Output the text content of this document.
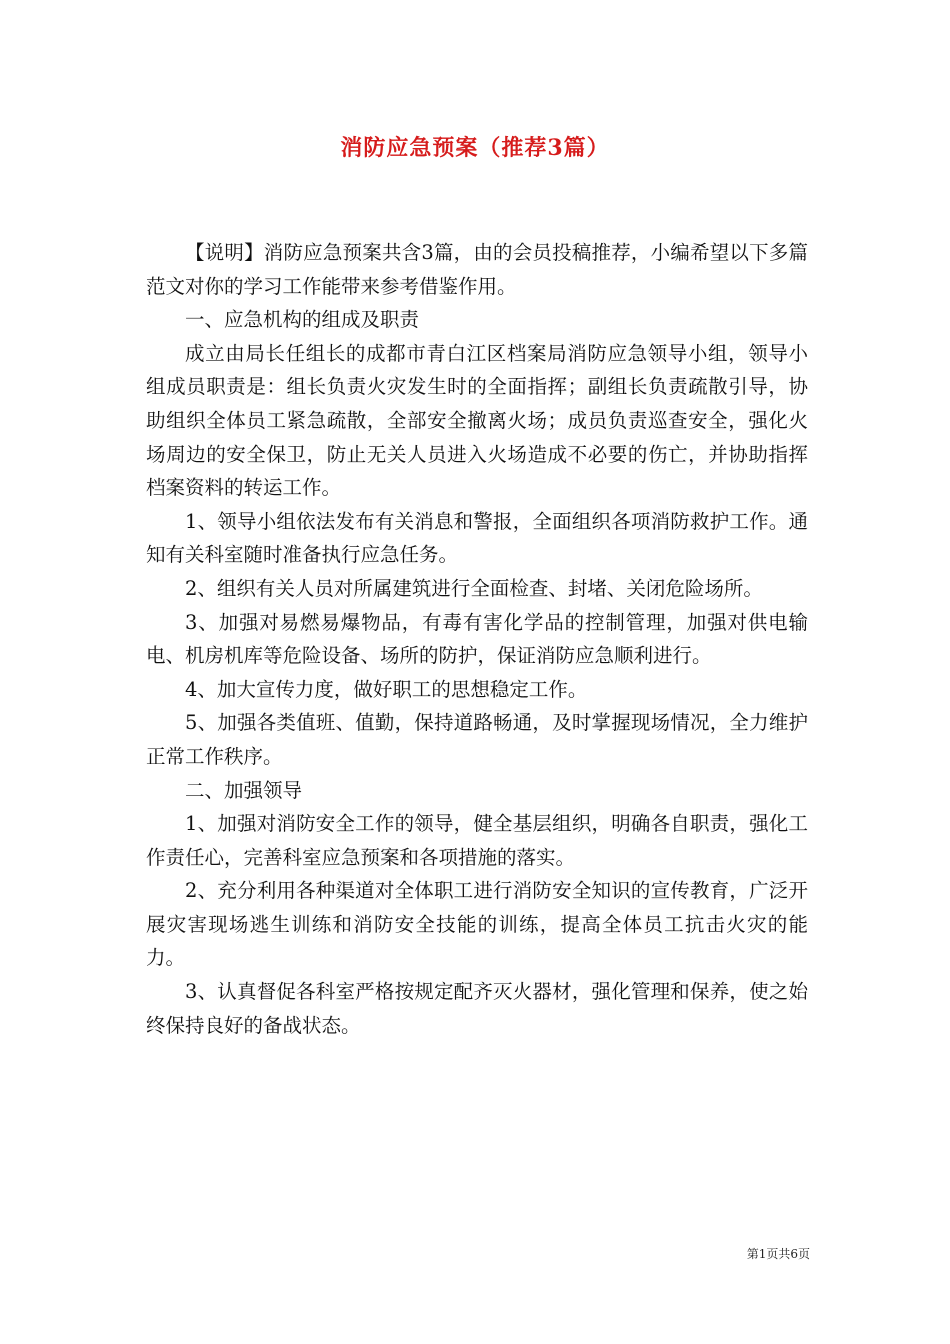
消防应急预案（推荐3篇）

【说明】消防应急预案共含3篇，由的会员投稿推荐，小编希望以下多篇范文对你的学习工作能带来参考借鉴作用。

一、应急机构的组成及职责

成立由局长任组长的成都市青白江区档案局消防应急领导小组，领导小组成员职责是：组长负责火灾发生时的全面指挥；副组长负责疏散引导，协助组织全体员工紧急疏散，全部安全撤离火场；成员负责巡查安全，强化火场周边的安全保卫，防止无关人员进入火场造成不必要的伤亡，并协助指挥档案资料的转运工作。

1、领导小组依法发布有关消息和警报，全面组织各项消防救护工作。通知有关科室随时准备执行应急任务。

2、组织有关人员对所属建筑进行全面检查、封堵、关闭危险场所。

3、加强对易燃易爆物品，有毒有害化学品的控制管理，加强对供电输电、机房机库等危险设备、场所的防护，保证消防应急顺利进行。

4、加大宣传力度，做好职工的思想稳定工作。

5、加强各类值班、值勤，保持道路畅通，及时掌握现场情况，全力维护正常工作秩序。

二、加强领导

1、加强对消防安全工作的领导，健全基层组织，明确各自职责，强化工作责任心，完善科室应急预案和各项措施的落实。

2、充分利用各种渠道对全体职工进行消防安全知识的宣传教育，广泛开展灾害现场逃生训练和消防安全技能的训练，提高全体员工抗击火灾的能力。

3、认真督促各科室严格按规定配齐灭火器材，强化管理和保养，使之始终保持良好的备战状态。

第1页共6页
